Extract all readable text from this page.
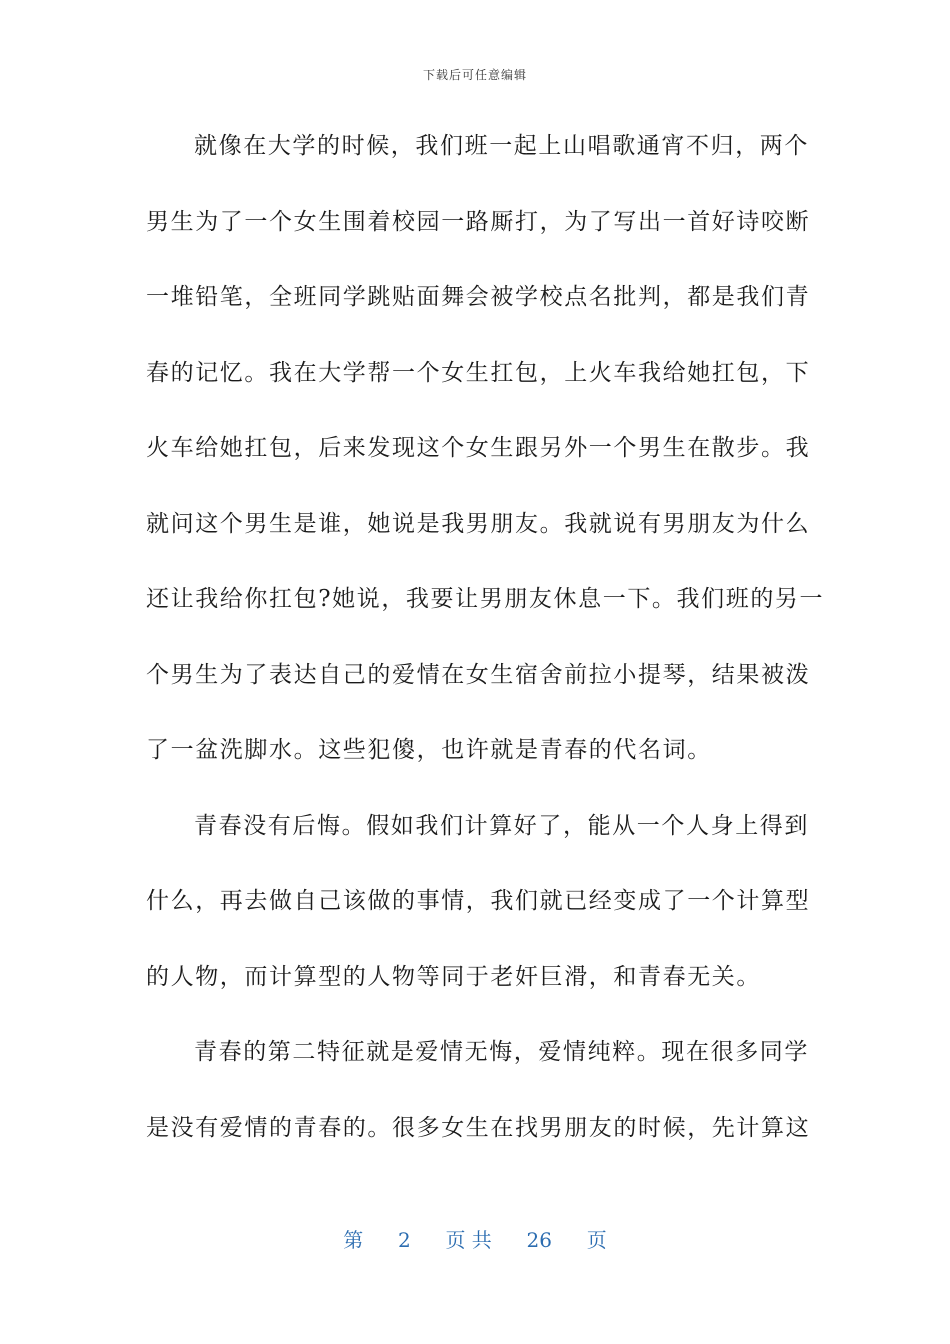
下载后可任意编辑
就像在大学的时候，我们班一起上山唱歌通宵不归，两个
男生为了一个女生围着校园一路厮打，为了写出一首好诗咬断
一堆铅笔，全班同学跳贴面舞会被学校点名批判，都是我们青
春的记忆。我在大学帮一个女生扛包，上火车我给她扛包，下
火车给她扛包，后来发现这个女生跟另外一个男生在散步。我
就问这个男生是谁，她说是我男朋友。我就说有男朋友为什么
还让我给你扛包?她说，我要让男朋友休息一下。我们班的另一
个男生为了表达自己的爱情在女生宿舍前拉小提琴，结果被泼
了一盆洗脚水。这些犯傻，也许就是青春的代名词。
青春没有后悔。假如我们计算好了，能从一个人身上得到
什么，再去做自己该做的事情，我们就已经变成了一个计算型
的人物，而计算型的人物等同于老奸巨滑，和青春无关。
青春的第二特征就是爱情无悔，爱情纯粹。现在很多同学
是没有爱情的青春的。很多女生在找男朋友的时候，先计算这
第 2 页 共 26 页
